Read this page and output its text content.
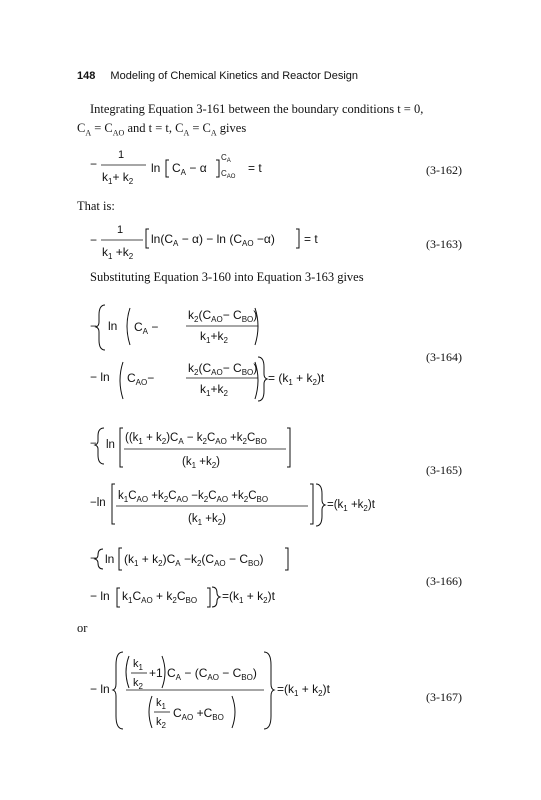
148 Modeling of Chemical Kinetics and Reactor Design
Integrating Equation 3-161 between the boundary conditions t = 0,
$C_A = C_{AO}$ and t = t, $C_A = C_A$ gives
That is:
Substituting Equation 3-160 into Equation 3-163 gives
or
(3-162)
(3-163)
(3-164)
(3-165)
(3-166)
(3-167)
−
1
$k_1+ k_2$
$\ln C_A - \alpha$
$C_A$
$C_{AO}$
= t
−
1
$k_1 +k_2$
$\ln(C_A - \alpha) - \ln (C_{AO} -\alpha) = t$
− $\ln C_A$ −
$k_2(C_{AO}- C_{BO})$
$k_1+k_2$
− $\ln C_{AO}-$
$k_2(C_{AO}- C_{BO})$
$k_1+k_2$
= $(k_1 + k_2)t$
− ln
($(k_1 + k_2)C_A - k_2C_{AO} +k_2C_{BO}$
$(k_1 +k_2)$
−ln
$k_1C_{AO} +k_2C_{AO} -k_2C_{AO} +k_2C_{BO}$
$(k_1 +k_2)$
$=(k_1 +k_2)t$
− $\ln (k_1 + k_2)C_A -k_2(C_{AO} - C_{BO})$
− $\ln k_1C_{AO} + k_2C_{BO} =(k_1 + k_2)t$
− ln
$k_1$
$k_2$
+1 $C_A - (C_{AO} - C_{BO})$
$k_1$
$k_2$
$C_{AO} +C_{BO}$
$=(k_1 + k_2)t$
